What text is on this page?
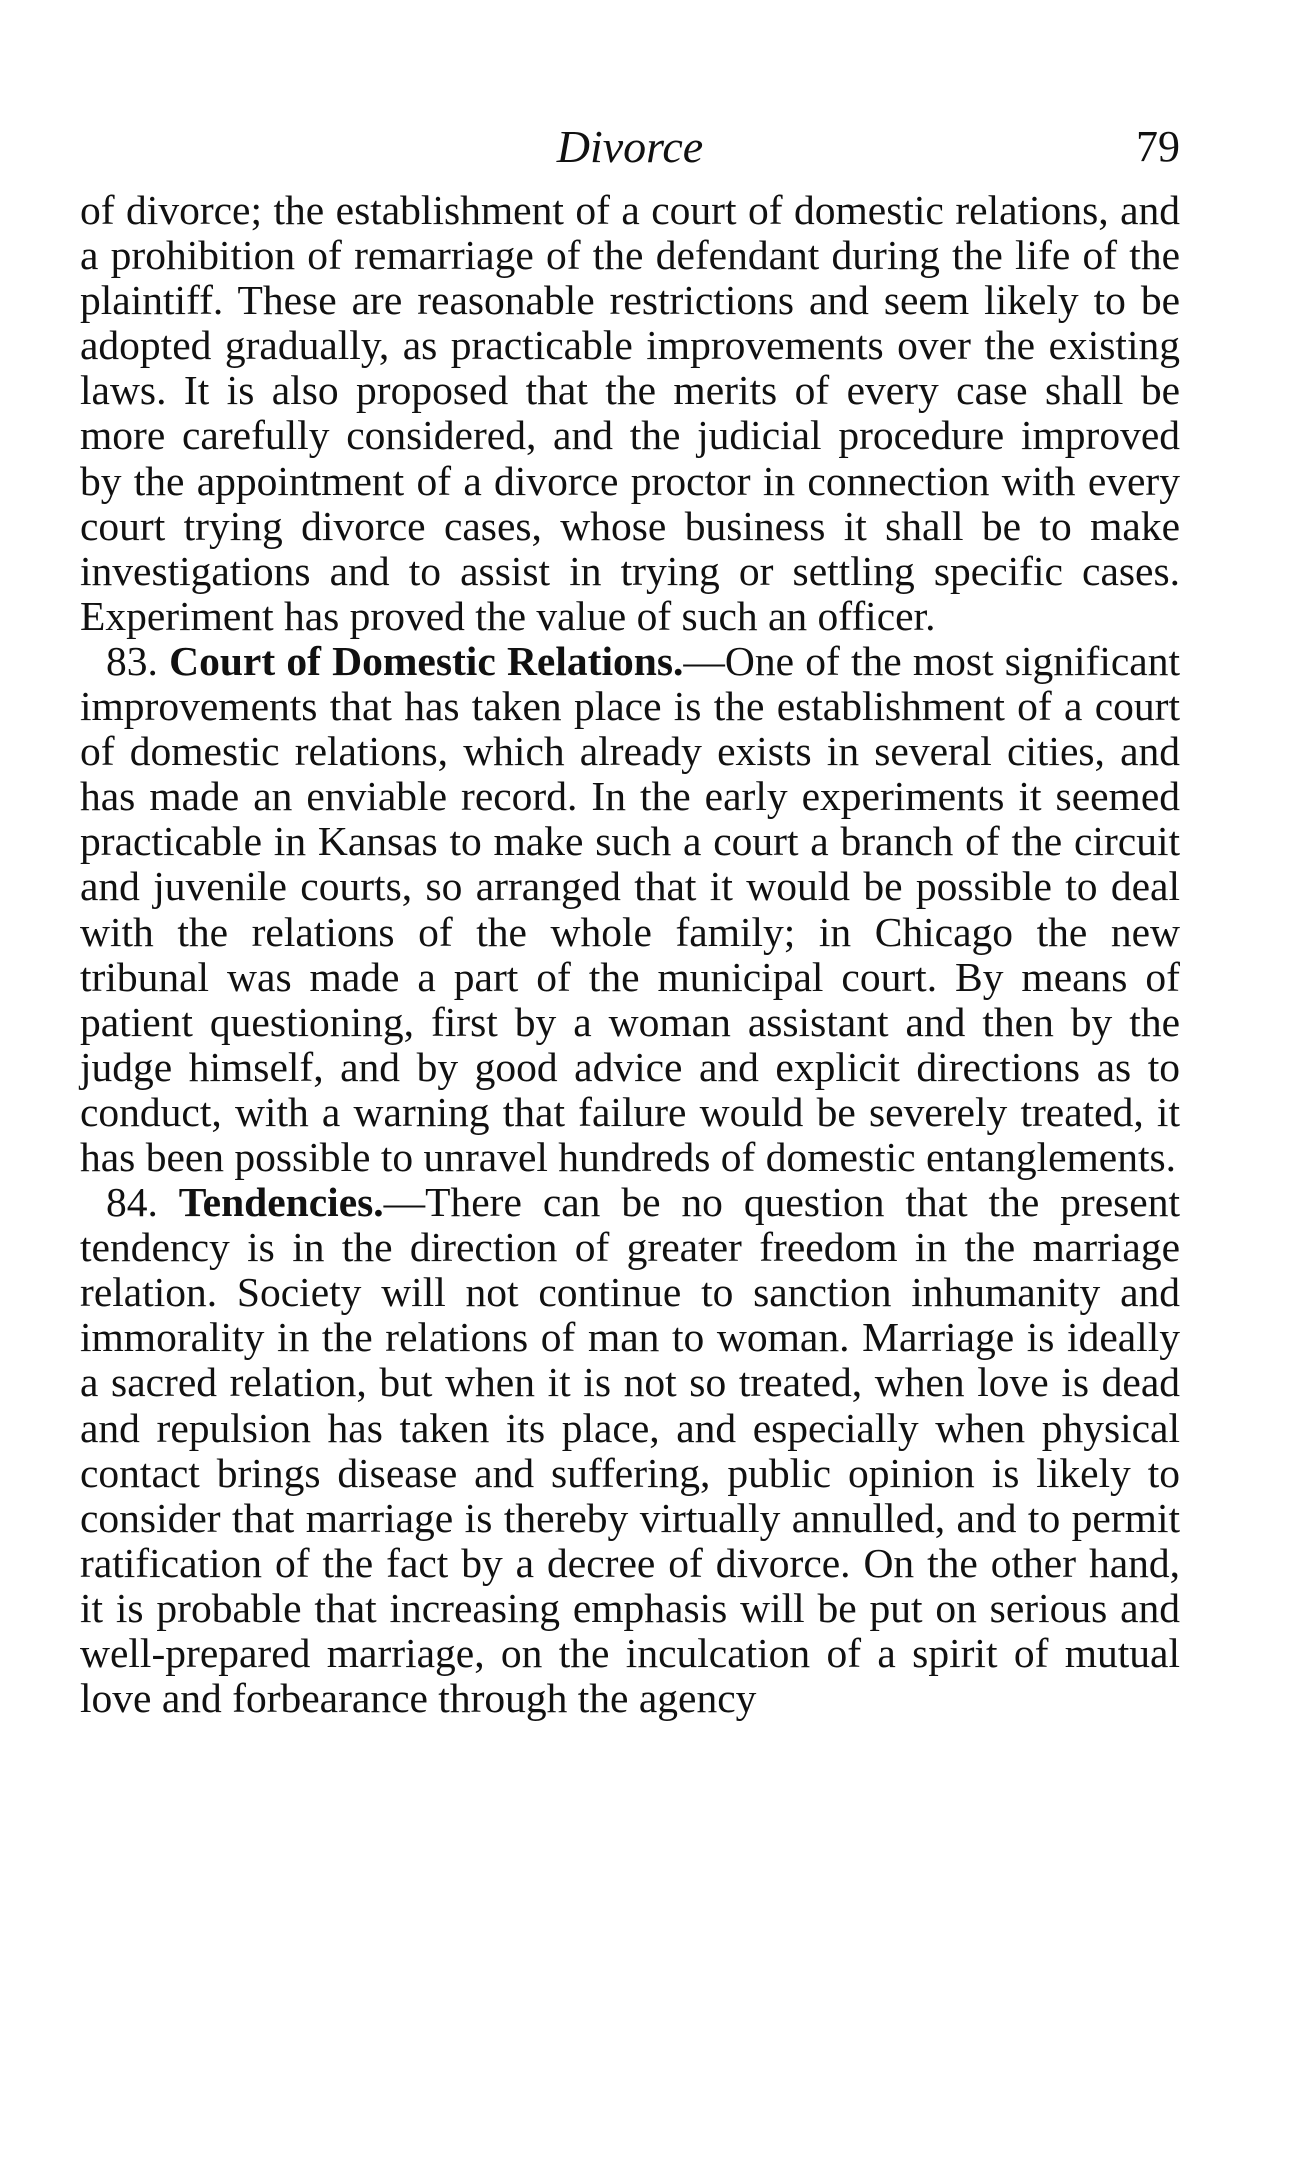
Divorce	79

of divorce; the establishment of a court of domestic relations, and a prohibition of remarriage of the defendant during the life of the plaintiff. These are reasonable restrictions and seem likely to be adopted gradually, as practicable improvements over the existing laws. It is also proposed that the merits of every case shall be more carefully considered, and the judicial procedure improved by the appointment of a divorce proctor in connection with every court trying divorce cases, whose business it shall be to make investigations and to assist in trying or settling specific cases. Experiment has proved the value of such an officer.

83. Court of Domestic Relations.—One of the most significant improvements that has taken place is the establishment of a court of domestic relations, which already exists in several cities, and has made an enviable record. In the early experiments it seemed practicable in Kansas to make such a court a branch of the circuit and juvenile courts, so arranged that it would be possible to deal with the relations of the whole family; in Chicago the new tribunal was made a part of the municipal court. By means of patient questioning, first by a woman assistant and then by the judge himself, and by good advice and explicit directions as to conduct, with a warning that failure would be severely treated, it has been possible to unravel hundreds of domestic entanglements.

84. Tendencies.—There can be no question that the present tendency is in the direction of greater freedom in the marriage relation. Society will not continue to sanction inhumanity and immorality in the relations of man to woman. Marriage is ideally a sacred relation, but when it is not so treated, when love is dead and repulsion has taken its place, and especially when physical contact brings disease and suffering, public opinion is likely to consider that marriage is thereby virtually annulled, and to permit ratification of the fact by a decree of divorce. On the other hand, it is probable that increasing emphasis will be put on serious and well-prepared marriage, on the inculcation of a spirit of mutual love and forbearance through the agency
